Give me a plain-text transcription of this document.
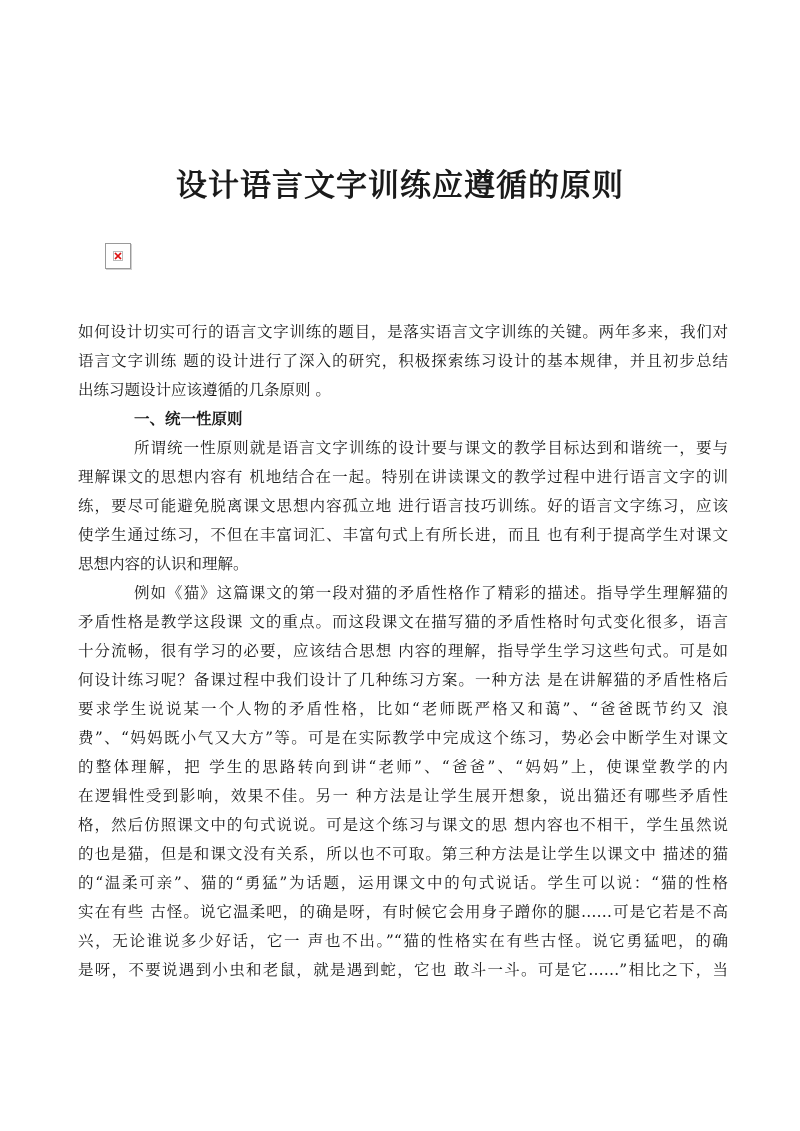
设计语言文字训练应遵循的原则
如何设计切实可行的语言文字训练的题目，是落实语言文字训练的关键。两年多来，我们对
语言文字训练 题的设计进行了深入的研究，积极探索练习设计的基本规律，并且初步总结
出练习题设计应该遵循的几条原则 。
一、统一性原则
所谓统一性原则就是语言文字训练的设计要与课文的教学目标达到和谐统一，要与
理解课文的思想内容有 机地结合在一起。特别在讲读课文的教学过程中进行语言文字的训
练，要尽可能避免脱离课文思想内容孤立地 进行语言技巧训练。好的语言文字练习，应该
使学生通过练习，不但在丰富词汇、丰富句式上有所长进，而且 也有利于提高学生对课文
思想内容的认识和理解。
例如《猫》这篇课文的第一段对猫的矛盾性格作了精彩的描述。指导学生理解猫的
矛盾性格是教学这段课 文的重点。而这段课文在描写猫的矛盾性格时句式变化很多，语言
十分流畅，很有学习的必要，应该结合思想 内容的理解，指导学生学习这些句式。可是如
何设计练习呢？备课过程中我们设计了几种练习方案。一种方法 是在讲解猫的矛盾性格后
要求学生说说某一个人物的矛盾性格，比如“老师既严格又和蔼”、“爸爸既节约又 浪
费”、“妈妈既小气又大方”等。可是在实际教学中完成这个练习，势必会中断学生对课文
的整体理解，把 学生的思路转向到讲“老师”、“爸爸”、“妈妈”上，使课堂教学的内
在逻辑性受到影响，效果不佳。另一 种方法是让学生展开想象，说出猫还有哪些矛盾性
格，然后仿照课文中的句式说说。可是这个练习与课文的思 想内容也不相干，学生虽然说
的也是猫，但是和课文没有关系，所以也不可取。第三种方法是让学生以课文中 描述的猫
的“温柔可亲”、猫的“勇猛”为话题，运用课文中的句式说话。学生可以说：“猫的性格
实在有些 古怪。说它温柔吧，的确是呀，有时候它会用身子蹭你的腿……可是它若是不高
兴，无论谁说多少好话，它一 声也不出。”“猫的性格实在有些古怪。说它勇猛吧，的确
是呀，不要说遇到小虫和老鼠，就是遇到蛇，它也 敢斗一斗。可是它……”相比之下，当
